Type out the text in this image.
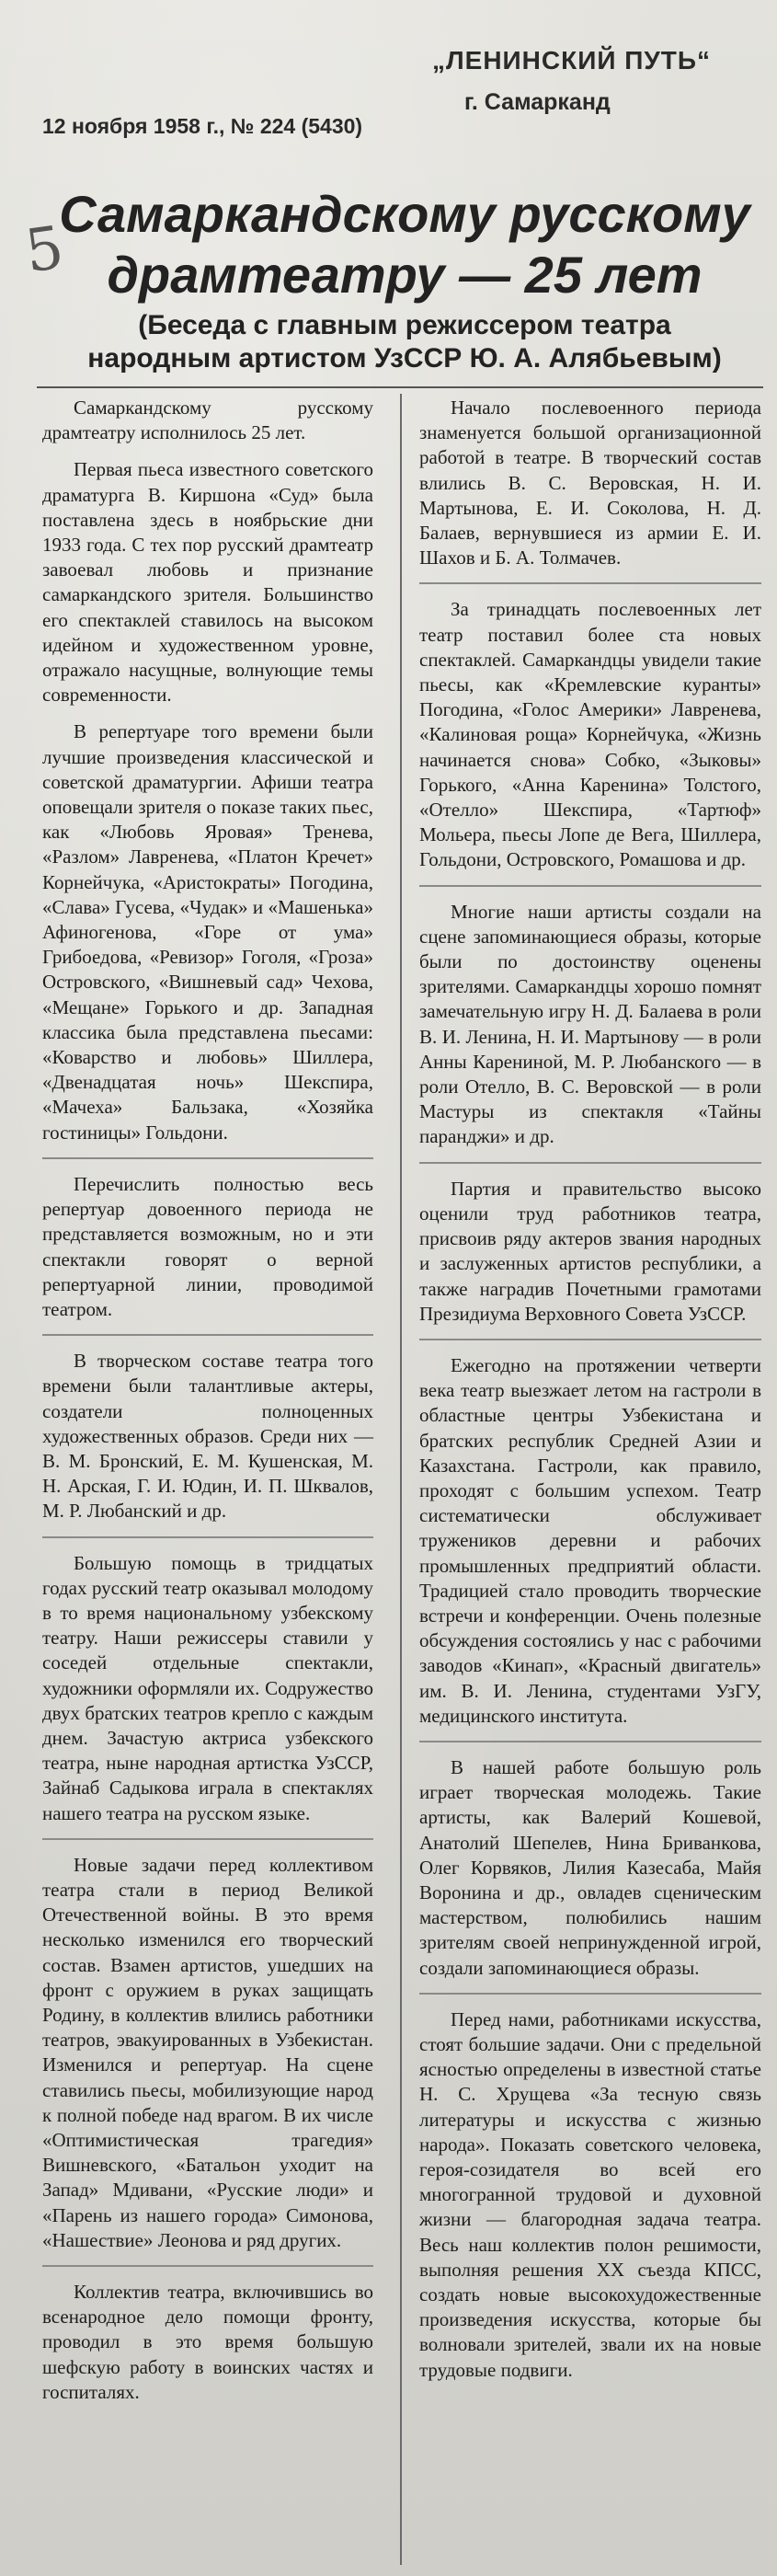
„ЛЕНИНСКИЙ ПУТЬ“
г. Самарканд
12 ноября 1958 г., № 224 (5430)
5
Самаркандскому русскому
драмтеатру — 25 лет
(Беседа с главным режиссером театра
народным артистом УзССР Ю. А. Алябьевым)

Самаркандскому русскому драмтеатру исполнилось 25 лет.

Первая пьеса известного советского драматурга В. Киршона «Суд» была поставлена здесь в ноябрьские дни 1933 года. С тех пор русский драмтеатр завоевал любовь и признание самаркандского зрителя. Большинство его спектаклей ставилось на высоком идейном и художественном уровне, отражало насущные, волнующие темы современности.

В репертуаре того времени были лучшие произведения классической и советской драматургии. Афиши театра оповещали зрителя о показе таких пьес, как «Любовь Яровая» Тренева, «Разлом» Лавренева, «Платон Кречет» Корнейчука, «Аристократы» Погодина, «Слава» Гусева, «Чудак» и «Машенька» Афиногенова, «Горе от ума» Грибоедова, «Ревизор» Гоголя, «Гроза» Островского, «Вишневый сад» Чехова, «Мещане» Горького и др. Западная классика была представлена пьесами: «Коварство и любовь» Шиллера, «Двенадцатая ночь» Шекспира, «Мачеха» Бальзака, «Хозяйка гостиницы» Гольдони.

Перечислить полностью весь репертуар довоенного периода не представляется возможным, но и эти спектакли говорят о верной репертуарной линии, проводимой театром.

В творческом составе театра того времени были талантливые актеры, создатели полноценных художественных образов. Среди них — В. М. Бронский, Е. М. Кушенская, М. Н. Арская, Г. И. Юдин, И. П. Шквалов, М. Р. Любанский и др.

Большую помощь в тридцатых годах русский театр оказывал молодому в то время национальному узбекскому театру. Наши режиссеры ставили у соседей отдельные спектакли, художники оформляли их. Содружество двух братских театров крепло с каждым днем. Зачастую актриса узбекского театра, ныне народная артистка УзССР, Зайнаб Садыкова играла в спектаклях нашего театра на русском языке.

Новые задачи перед коллективом театра стали в период Великой Отечественной войны. В это время несколько изменился его творческий состав. Взамен артистов, ушедших на фронт с оружием в руках защищать Родину, в коллектив влились работники театров, эвакуированных в Узбекистан. Изменился и репертуар. На сцене ставились пьесы, мобилизующие народ к полной победе над врагом. В их числе «Оптимистическая трагедия» Вишневского, «Батальон уходит на Запад» Мдивани, «Русские люди» и «Парень из нашего города» Симонова, «Нашествие» Леонова и ряд других.

Коллектив театра, включившись во всенародное дело помощи фронту, проводил в это время большую шефскую работу в воинских частях и госпиталях.

Начало послевоенного периода знаменуется большой организационной работой в театре. В творческий состав влились В. С. Веровская, Н. И. Мартынова, Е. И. Соколова, Н. Д. Балаев, вернувшиеся из армии Е. И. Шахов и Б. А. Толмачев.

За тринадцать послевоенных лет театр поставил более ста новых спектаклей. Самаркандцы увидели такие пьесы, как «Кремлевские куранты» Погодина, «Голос Америки» Лавренева, «Калиновая роща» Корнейчука, «Жизнь начинается снова» Собко, «Зыковы» Горького, «Анна Каренина» Толстого, «Отелло» Шекспира, «Тартюф» Мольера, пьесы Лопе де Вега, Шиллера, Гольдони, Островского, Ромашова и др.

Многие наши артисты создали на сцене запоминающиеся образы, которые были по достоинству оценены зрителями. Самаркандцы хорошо помнят замечательную игру Н. Д. Балаева в роли В. И. Ленина, Н. И. Мартынову — в роли Анны Карениной, М. Р. Любанского — в роли Отелло, В. С. Веровской — в роли Мастуры из спектакля «Тайны паранджи» и др.

Партия и правительство высоко оценили труд работников театра, присвоив ряду актеров звания народных и заслуженных артистов республики, а также наградив Почетными грамотами Президиума Верховного Совета УзССР.

Ежегодно на протяжении четверти века театр выезжает летом на гастроли в областные центры Узбекистана и братских республик Средней Азии и Казахстана. Гастроли, как правило, проходят с большим успехом. Театр систематически обслуживает тружеников деревни и рабочих промышленных предприятий области. Традицией стало проводить творческие встречи и конференции. Очень полезные обсуждения состоялись у нас с рабочими заводов «Кинап», «Красный двигатель» им. В. И. Ленина, студентами УзГУ, медицинского института.

В нашей работе большую роль играет творческая молодежь. Такие артисты, как Валерий Кошевой, Анатолий Шепелев, Нина Бриванкова, Олег Корвяков, Лилия Казесаба, Майя Воронина и др., овладев сценическим мастерством, полюбились нашим зрителям своей непринужденной игрой, создали запоминающиеся образы.

Перед нами, работниками искусства, стоят большие задачи. Они с предельной ясностью определены в известной статье Н. С. Хрущева «За тесную связь литературы и искусства с жизнью народа». Показать советского человека, героя-созидателя во всей его многогранной трудовой и духовной жизни — благородная задача театра. Весь наш коллектив полон решимости, выполняя решения XX съезда КПСС, создать новые высокохудожественные произведения искусства, которые бы волновали зрителей, звали их на новые трудовые подвиги.
